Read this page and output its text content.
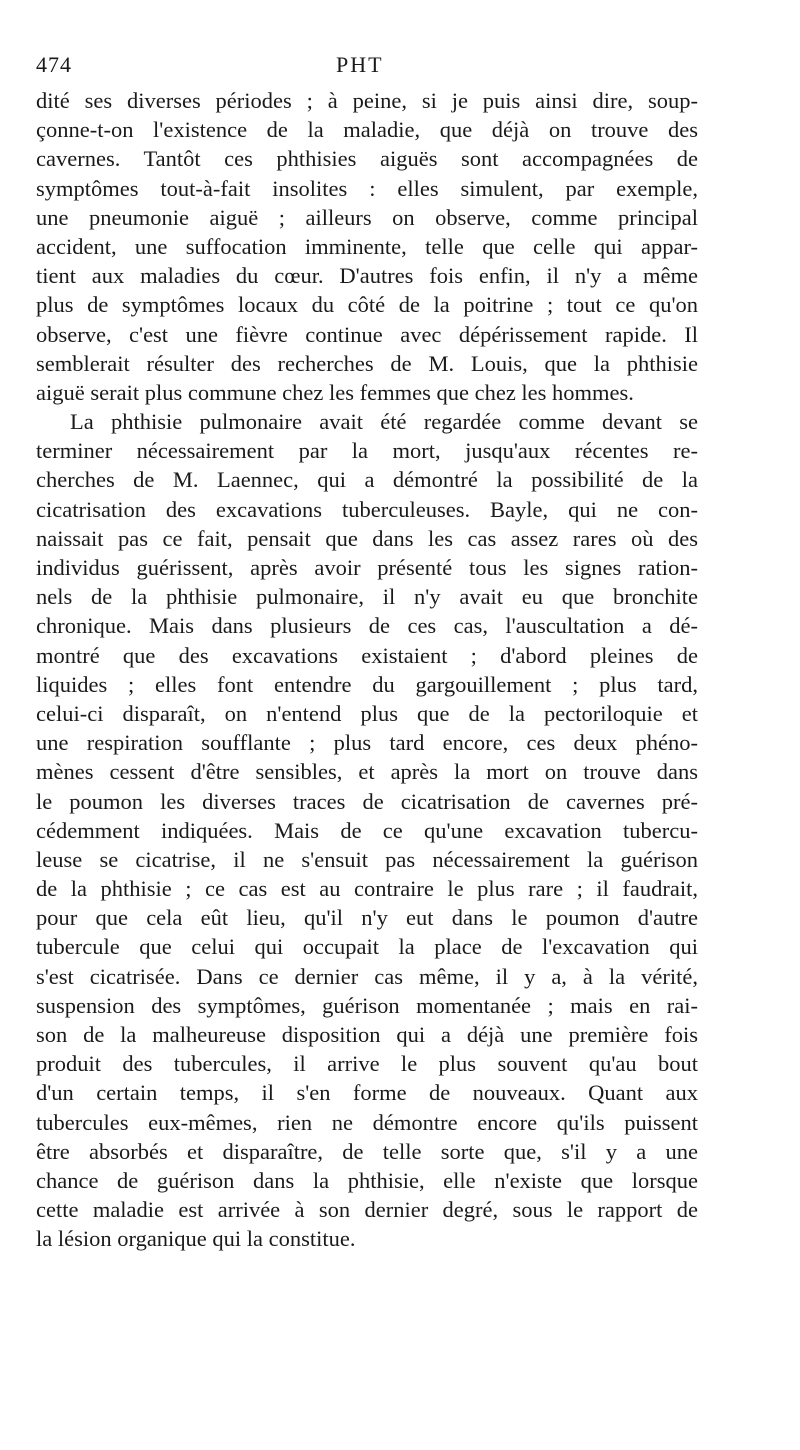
474	PHT
dité ses diverses périodes ; à peine, si je puis ainsi dire, soup-
çonne-t-on l'existence de la maladie, que déjà on trouve des
cavernes. Tantôt ces phthisies aiguës sont accompagnées de
symptômes tout-à-fait insolites : elles simulent, par exemple,
une pneumonie aiguë ; ailleurs on observe, comme principal
accident, une suffocation imminente, telle que celle qui appar-
tient aux maladies du cœur. D'autres fois enfin, il n'y a même
plus de symptômes locaux du côté de la poitrine ; tout ce qu'on
observe, c'est une fièvre continue avec dépérissement rapide. Il
semblerait résulter des recherches de M. Louis, que la phthisie
aiguë serait plus commune chez les femmes que chez les hommes.
La phthisie pulmonaire avait été regardée comme devant se
terminer nécessairement par la mort, jusqu'aux récentes re-
cherches de M. Laennec, qui a démontré la possibilité de la
cicatrisation des excavations tuberculeuses. Bayle, qui ne con-
naissait pas ce fait, pensait que dans les cas assez rares où des
individus guérissent, après avoir présenté tous les signes ration-
nels de la phthisie pulmonaire, il n'y avait eu que bronchite
chronique. Mais dans plusieurs de ces cas, l'auscultation a dé-
montré que des excavations existaient ; d'abord pleines de
liquides ; elles font entendre du gargouillement ; plus tard,
celui-ci disparaît, on n'entend plus que de la pectoriloquie et
une respiration soufflante ; plus tard encore, ces deux phéno-
mènes cessent d'être sensibles, et après la mort on trouve dans
le poumon les diverses traces de cicatrisation de cavernes pré-
cédemment indiquées. Mais de ce qu'une excavation tubercu-
leuse se cicatrise, il ne s'ensuit pas nécessairement la guérison
de la phthisie ; ce cas est au contraire le plus rare ; il faudrait,
pour que cela eût lieu, qu'il n'y eut dans le poumon d'autre
tubercule que celui qui occupait la place de l'excavation qui
s'est cicatrisée. Dans ce dernier cas même, il y a, à la vérité,
suspension des symptômes, guérison momentanée ; mais en rai-
son de la malheureuse disposition qui a déjà une première fois
produit des tubercules, il arrive le plus souvent qu'au bout
d'un certain temps, il s'en forme de nouveaux. Quant aux
tubercules eux-mêmes, rien ne démontre encore qu'ils puissent
être absorbés et disparaître, de telle sorte que, s'il y a une
chance de guérison dans la phthisie, elle n'existe que lorsque
cette maladie est arrivée à son dernier degré, sous le rapport de
la lésion organique qui la constitue.
